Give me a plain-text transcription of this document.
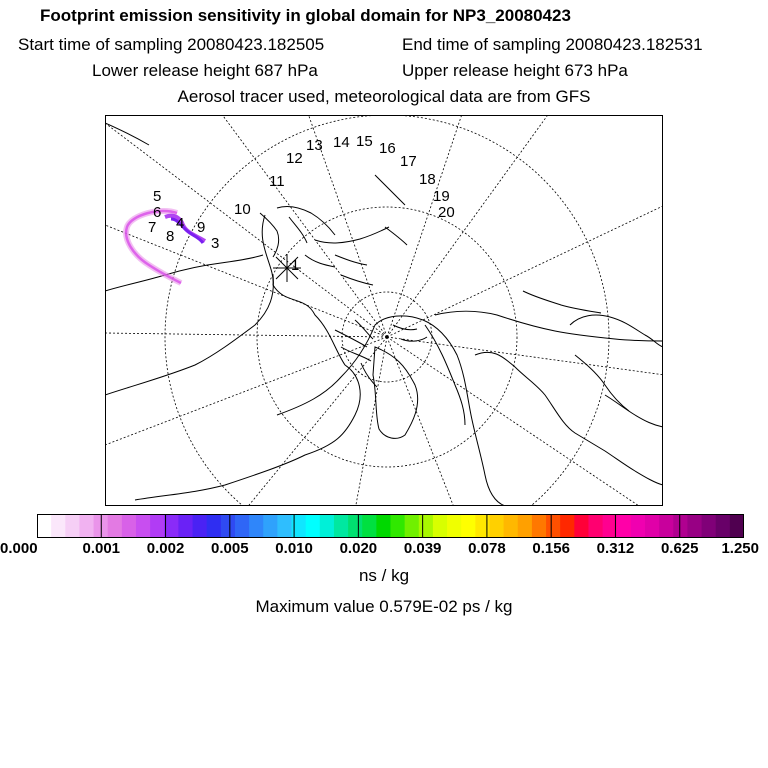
Footprint emission sensitivity in global domain for NP3_20080423
Start time of sampling 20080423.182505	End time of sampling 20080423.182531
Lower release height 687 hPa	Upper release height 673 hPa
Aerosol tracer used, meteorological data are from GFS
1
3
4
5
6
7
8
9
10
11
12
13 14 15 16
17
18
19
20
0.000	0.001 0.002 0.005 0.010 0.020 0.039 0.078 0.156 0.312 0.625 1.250
ns / kg
Maximum value 0.579E-02 ps / kg
